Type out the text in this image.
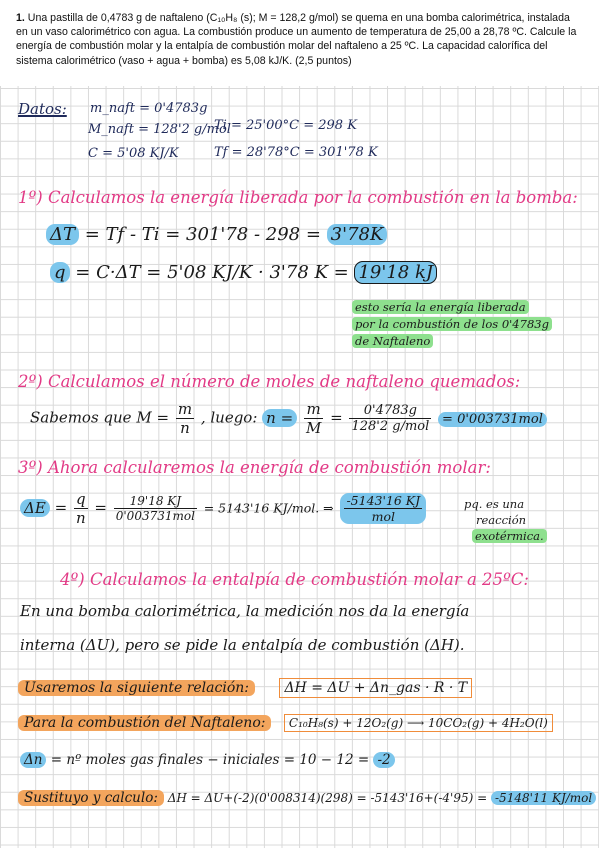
1. Una pastilla de 0,4783 g de naftaleno (C₁₀H₈ (s); M = 128,2 g/mol) se quema en una bomba calorimétrica, instalada en un vaso calorimétrico con agua. La combustión produce un aumento de temperatura de 25,00 a 28,78 ºC. Calcule la energía de combustión molar y la entalpía de combustión molar del naftaleno a 25 ºC. La capacidad calorífica del sistema calorimétrico (vaso + agua + bomba) es 5,08 kJ/K. (2,5 puntos)
Datos: m_naft = 0'4783g
M_naft = 128'2 g/mol
C = 5'08 KJ/K
Ti = 25'00°C = 298 K
Tf = 28'78°C = 301'78 K
1º) Calculamos la energía liberada por la combustión en la bomba:
ΔT = Tf - Ti = 301'78 - 298 = 3'78K
q = C·ΔT = 5'08 KJ/K · 3'78 K = 19'18 kJ
esto sería la energía liberada
por la combustión de los 0'4783g
de Naftaleno
2º) Calculamos el número de moles de naftaleno quemados:
Sabemos que $M = \frac{m}{n}$ , luego: $n = \frac{m}{M} = \frac{0'4783g}{\text{128'2 g/mol}} = 0'003731mol$
3º) Ahora calcularemos la energía de combustión molar:
$\Delta E = \frac{q}{n} = \frac{19'18 KJ}{\text{0'003731mol}} = 5143'16$ KJ/mol. ⇒ $\frac{-5143'16 KJ}{\text{mol}}$	pq. es una
reacción
exotérmica.
4º) Calculamos la entalpía de combustión molar a 25ºC:
En una bomba calorimétrica, la medición nos da la energía
interna (ΔU), pero se pide la entalpía de combustión (ΔH).
Usaremos la siguiente relación:	ΔH = ΔU + Δn_gas · R · T
Para la combustión del Naftaleno: C₁₀H₈(s) + 12O₂(g) ⟶ 10CO₂(g) + 4H₂O(l)
Δn = nº moles gas finales − iniciales = 10 − 12 = -2
Sustituyo y calculo: ΔH = ΔU+(-2)(0'008314)(298) = -5143'16+(-4'95) = -5148'11 KJ/mol
